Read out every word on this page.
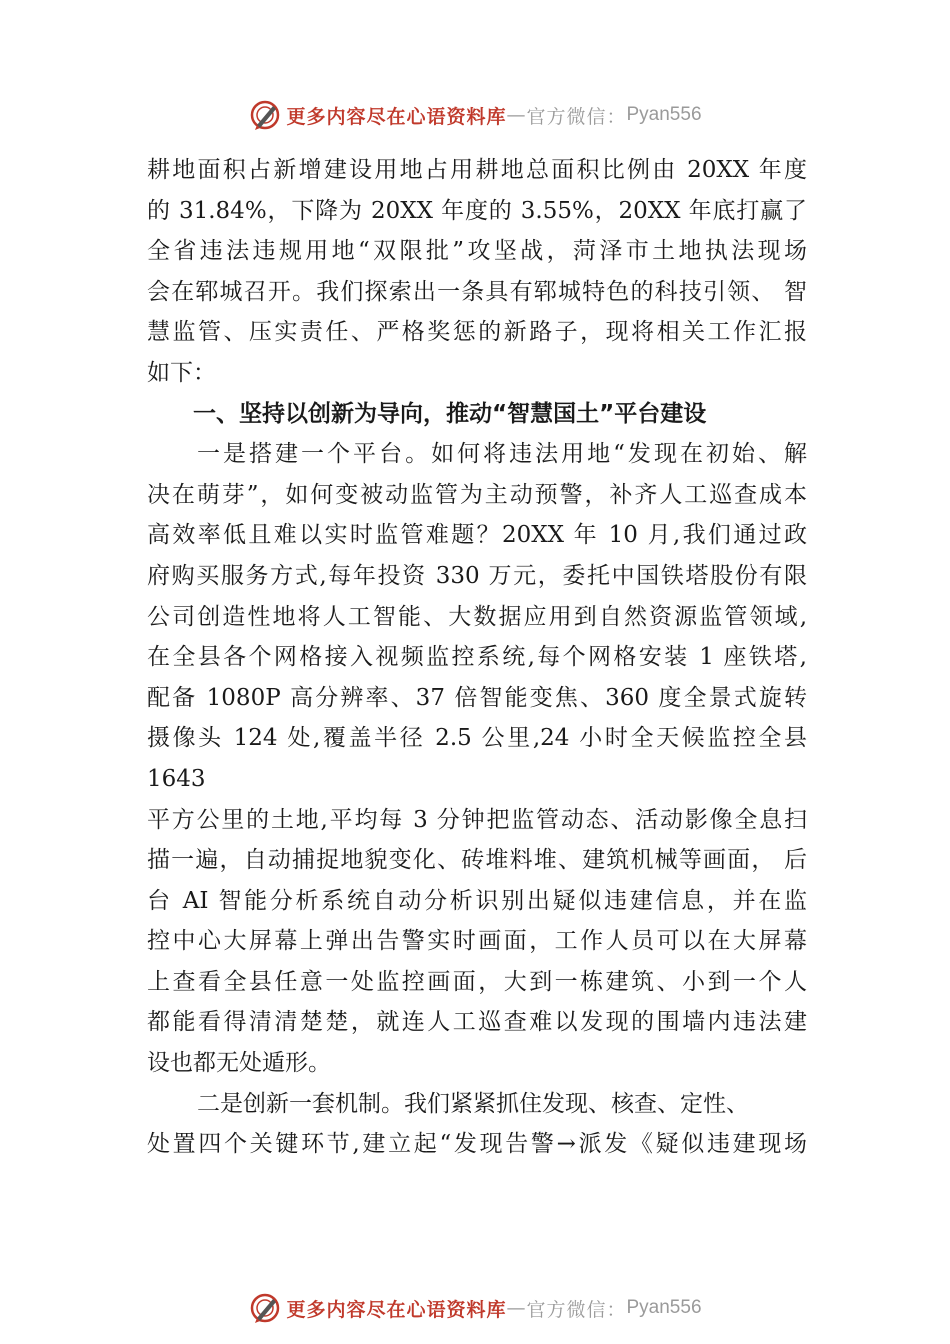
更多内容尽在心语资料库 — 官方微信： Pyan556
耕地面积占新增建设用地占用耕地总面积比例由 20XX 年度
的 31.84%，下降为 20XX 年度的 3.55%，20XX 年底打赢了
全省违法违规用地“双限批”攻坚战，菏泽市土地执法现场
会在郓城召开。我们探索出一条具有郓城特色的科技引领、 智
慧监管、压实责任、严格奖惩的新路子，现将相关工作汇报
如下：
一、坚持以创新为导向，推动“智慧国土”平台建设
一是搭建一个平台。如何将违法用地“发现在初始、解
决在萌芽”，如何变被动监管为主动预警，补齐人工巡查成本
高效率低且难以实时监管难题？20XX 年 10 月,我们通过政
府购买服务方式,每年投资 330 万元，委托中国铁塔股份有限
公司创造性地将人工智能、大数据应用到自然资源监管领域,
在全县各个网格接入视频监控系统,每个网格安装 1 座铁塔,
配备 1080P 高分辨率、37 倍智能变焦、360 度全景式旋转
摄像头 124 处,覆盖半径 2.5 公里,24 小时全天候监控全县
1643
平方公里的土地,平均每 3 分钟把监管动态、活动影像全息扫
描一遍，自动捕捉地貌变化、砖堆料堆、建筑机械等画面， 后
台 AI 智能分析系统自动分析识别出疑似违建信息，并在监
控中心大屏幕上弹出告警实时画面，工作人员可以在大屏幕
上查看全县任意一处监控画面，大到一栋建筑、小到一个人
都能看得清清楚楚，就连人工巡查难以发现的围墙内违法建
设也都无处遁形。
二是创新一套机制。我们紧紧抓住发现、核查、定性、
处置四个关键环节,建立起“发现告警→派发《疑似违建现场
更多内容尽在心语资料库 — 官方微信： Pyan556
